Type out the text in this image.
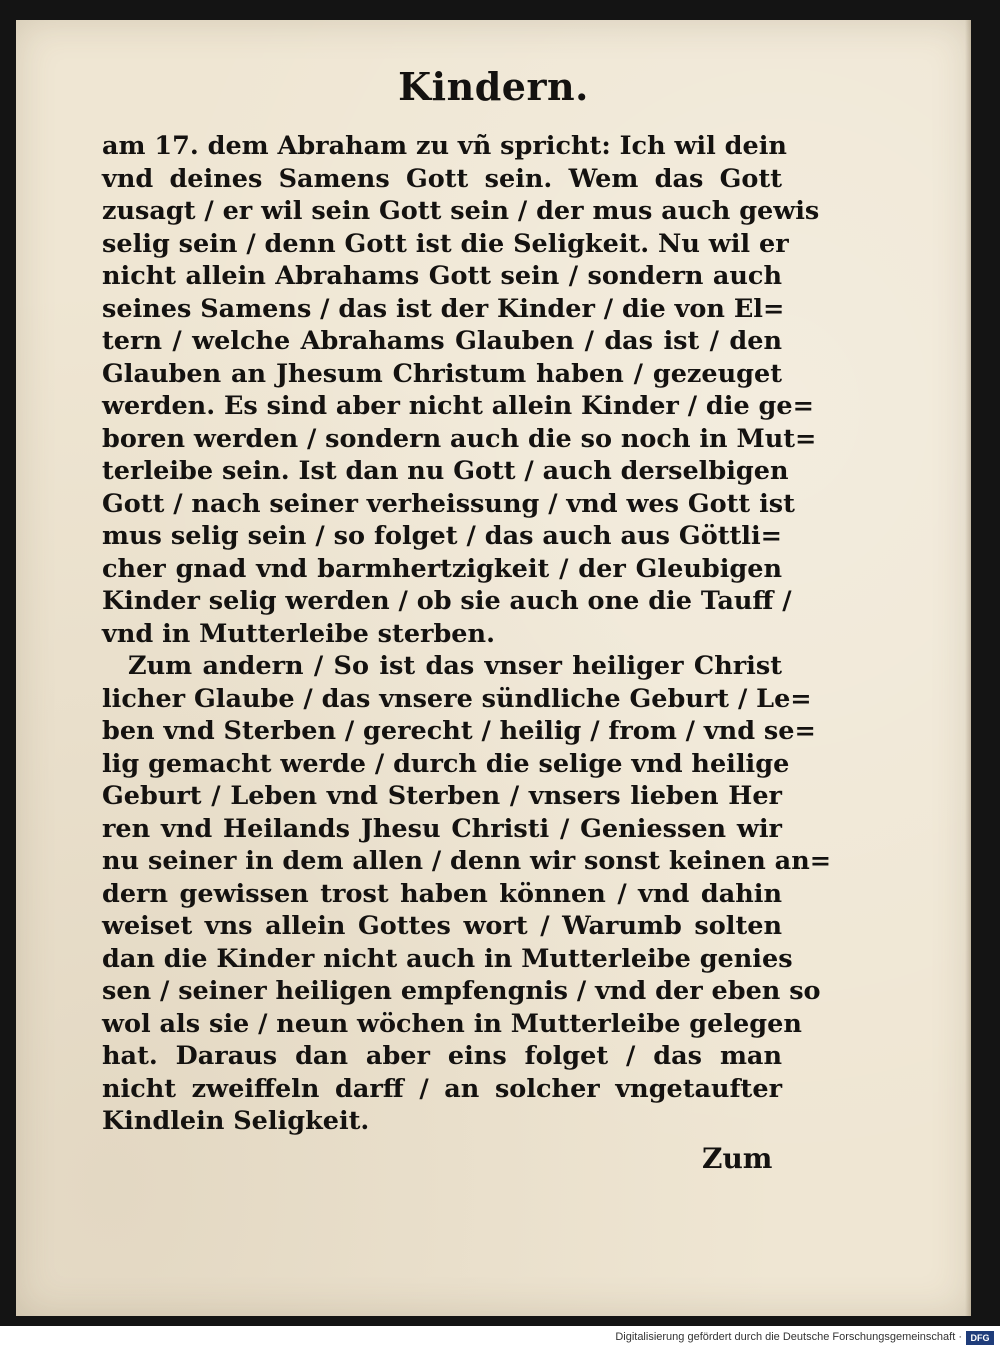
Kindern.
am 17. dem Abraham zu vñ spricht: Ich wil dein
vnd deines Samens Gott sein. Wem das Gott
zusagt / er wil sein Gott sein / der mus auch gewis
selig sein / denn Gott ist die Seligkeit. Nu wil er
nicht allein Abrahams Gott sein / sondern auch
seines Samens / das ist der Kinder / die von El=
tern / welche Abrahams Glauben / das ist / den
Glauben an Jhesum Christum haben / gezeuget
werden. Es sind aber nicht allein Kinder / die ge=
boren werden / sondern auch die so noch in Mut=
terleibe sein. Ist dan nu Gott / auch derselbigen
Gott / nach seiner verheissung / vnd wes Gott ist
mus selig sein / so folget / das auch aus Göttli=
cher gnad vnd barmhertzigkeit / der Gleubigen
Kinder selig werden / ob sie auch one die Tauff /
vnd in Mutterleibe sterben.
Zum andern / So ist das vnser heiliger Christ
licher Glaube / das vnsere sündliche Geburt / Le=
ben vnd Sterben / gerecht / heilig / from / vnd se=
lig gemacht werde / durch die selige vnd heilige
Geburt / Leben vnd Sterben / vnsers lieben Her
ren vnd Heilands Jhesu Christi / Geniessen wir
nu seiner in dem allen / denn wir sonst keinen an=
dern gewissen trost haben können / vnd dahin
weiset vns allein Gottes wort / Warumb solten
dan die Kinder nicht auch in Mutterleibe genies
sen / seiner heiligen empfengnis / vnd der eben so
wol als sie / neun wöchen in Mutterleibe gelegen
hat. Daraus dan aber eins folget / das man
nicht zweiffeln darff / an solcher vngetaufter
Kindlein Seligkeit.
Zum
Digitalisierung gefördert durch die Deutsche Forschungsgemeinschaft · DFG
